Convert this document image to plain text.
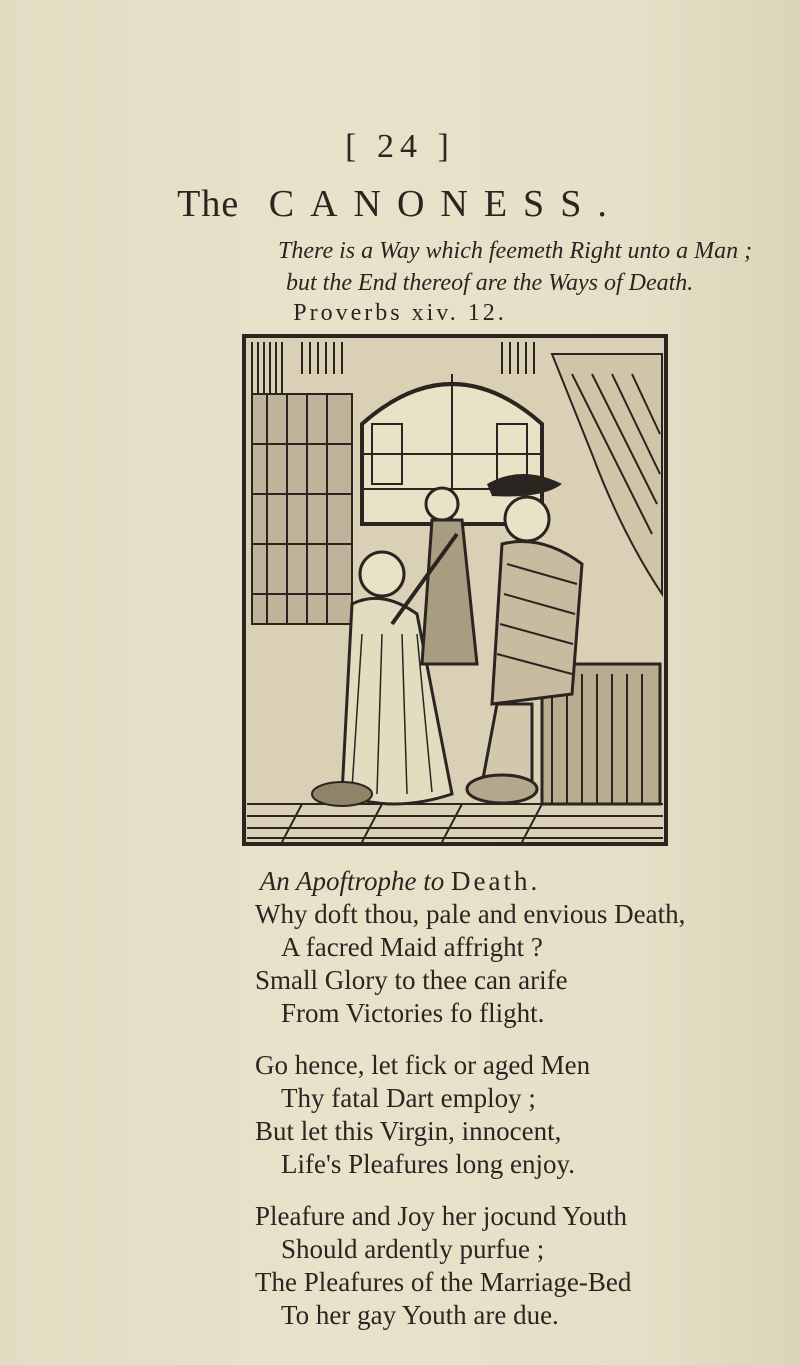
[ 24 ]
The CANONESS.
There is a Way which feemeth Right unto a Man ;
but the End thereof are the Ways of Death.
Proverbs xiv. 12.
An Apoftrophe to Death.
Why doft thou, pale and envious Death,
A facred Maid affright ?
Small Glory to thee can arife
From Victories fo flight.
Go hence, let fick or aged Men
Thy fatal Dart employ ;
But let this Virgin, innocent,
Life's Pleafures long enjoy.
Pleafure and Joy her jocund Youth
Should ardently purfue ;
The Pleafures of the Marriage-Bed
To her gay Youth are due.
